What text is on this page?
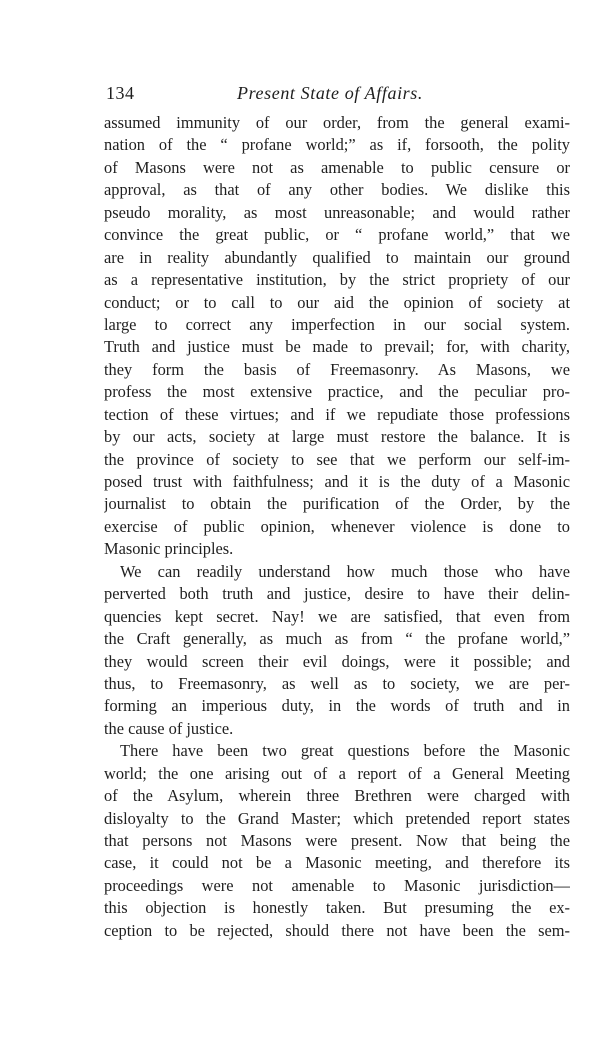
134	Present State of Affairs.
assumed immunity of our order, from the general exami-
nation of the “ profane world;” as if, forsooth, the polity
of Masons were not as amenable to public censure or
approval, as that of any other bodies. We dislike this
pseudo morality, as most unreasonable; and would rather
convince the great public, or “ profane world,” that we
are in reality abundantly qualified to maintain our ground
as a representative institution, by the strict propriety of our
conduct; or to call to our aid the opinion of society at
large to correct any imperfection in our social system.
Truth and justice must be made to prevail; for, with charity,
they form the basis of Freemasonry. As Masons, we
profess the most extensive practice, and the peculiar pro-
tection of these virtues; and if we repudiate those professions
by our acts, society at large must restore the balance. It is
the province of society to see that we perform our self-im-
posed trust with faithfulness; and it is the duty of a Masonic
journalist to obtain the purification of the Order, by the
exercise of public opinion, whenever violence is done to
Masonic principles.
We can readily understand how much those who have
perverted both truth and justice, desire to have their delin-
quencies kept secret. Nay! we are satisfied, that even from
the Craft generally, as much as from “ the profane world,”
they would screen their evil doings, were it possible; and
thus, to Freemasonry, as well as to society, we are per-
forming an imperious duty, in the words of truth and in
the cause of justice.
There have been two great questions before the Masonic
world; the one arising out of a report of a General Meeting
of the Asylum, wherein three Brethren were charged with
disloyalty to the Grand Master; which pretended report states
that persons not Masons were present. Now that being the
case, it could not be a Masonic meeting, and therefore its
proceedings were not amenable to Masonic jurisdiction—
this objection is honestly taken. But presuming the ex-
ception to be rejected, should there not have been the sem-
